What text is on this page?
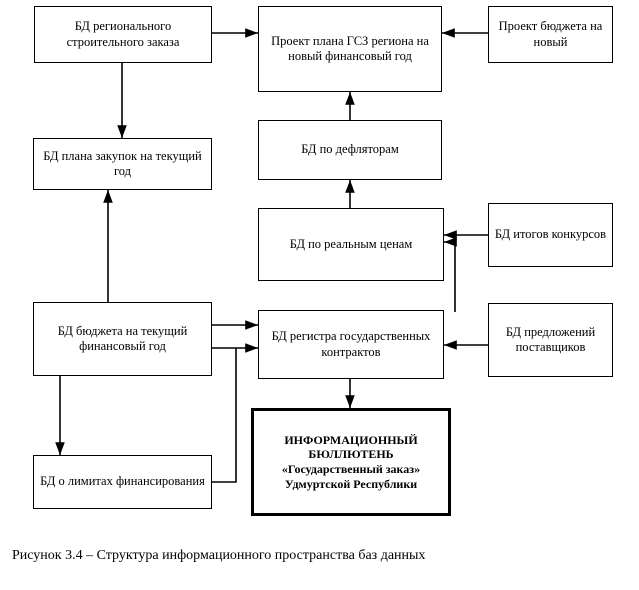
БД регионального строительного заказа	Проект плана ГСЗ региона на новый финансовый год
Проект бюджета на новый
БД плана закупок на текущий год
БД по дефляторам
БД по реальным ценам
БД итогов конкурсов
БД бюджета на текущий финансовый год
БД регистра государственных контрактов
БД предложений поставщиков
БД о лимитах финансирования
ИНФОРМАЦИОННЫЙ БЮЛЛЮТЕНЬ «Государственный заказ» Удмуртской Республики
Рисунок 3.4 – Структура информационного пространства баз данных
